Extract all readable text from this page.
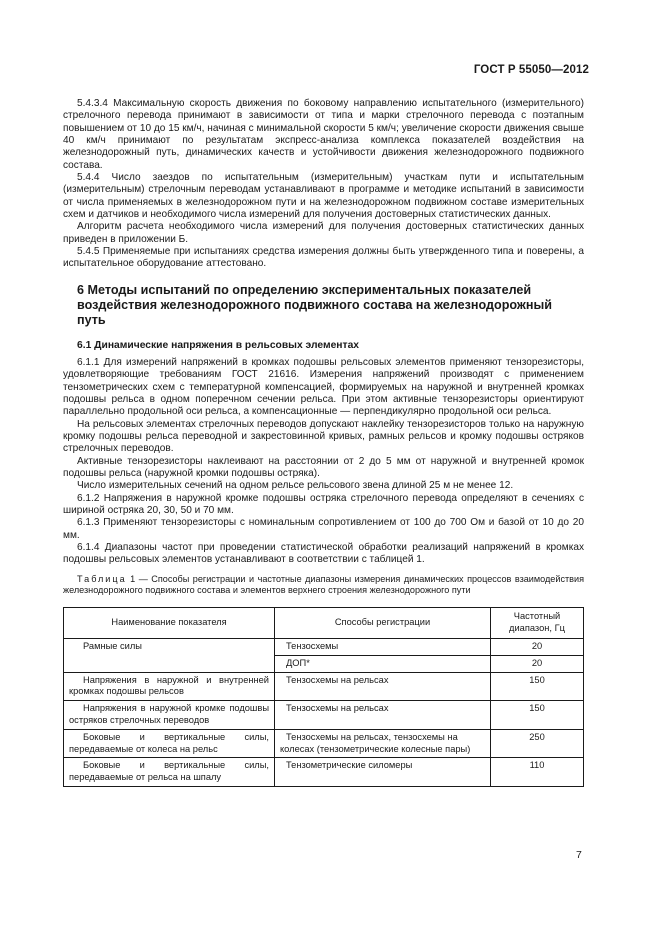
ГОСТ Р 55050—2012

5.4.3.4 Максимальную скорость движения по боковому направлению испытательного (измерительного) стрелочного перевода принимают в зависимости от типа и марки стрелочного перевода с поэтапным повышением от 10 до 15 км/ч, начиная с минимальной скорости 5 км/ч; увеличение скорости движения свыше 40 км/ч принимают по результатам экспресс-анализа комплекса показателей воздействия на железнодорожный путь, динамических качеств и устойчивости движения железнодорожного подвижного состава.

5.4.4 Число заездов по испытательным (измерительным) участкам пути и испытательным (измерительным) стрелочным переводам устанавливают в программе и методике испытаний в зависимости от числа применяемых в железнодорожном пути и на железнодорожном подвижном составе измерительных схем и датчиков и необходимого числа измерений для получения достоверных статистических данных.

Алгоритм расчета необходимого числа измерений для получения достоверных статистических данных приведен в приложении Б.

5.4.5 Применяемые при испытаниях средства измерения должны быть утвержденного типа и поверены, а испытательное оборудование аттестовано.

6 Методы испытаний по определению экспериментальных показателей воздействия железнодорожного подвижного состава на железнодорожный путь
6.1 Динамические напряжения в рельсовых элементах

6.1.1 Для измерений напряжений в кромках подошвы рельсовых элементов применяют тензорезисторы, удовлетворяющие требованиям ГОСТ 21616. Измерения напряжений производят с применением тензометрических схем с температурной компенсацией, формируемых на наружной и внутренней кромках подошвы рельса в одном поперечном сечении рельса. При этом активные тензорезисторы ориентируют параллельно продольной оси рельса, а компенсационные — перпендикулярно продольной оси рельса.

На рельсовых элементах стрелочных переводов допускают наклейку тензорезисторов только на наружную кромку подошвы рельса переводной и закрестовинной кривых, рамных рельсов и кромку подошвы остряков стрелочных переводов.

Активные тензорезисторы наклеивают на расстоянии от 2 до 5 мм от наружной и внутренней кромок подошвы рельса (наружной кромки подошвы остряка).

Число измерительных сечений на одном рельсе рельсового звена длиной 25 м не менее 12.

6.1.2 Напряжения в наружной кромке подошвы остряка стрелочного перевода определяют в сечениях с шириной остряка 20, 30, 50 и 70 мм.

6.1.3 Применяют тензорезисторы с номинальным сопротивлением от 100 до 700 Ом и базой от 10 до 20 мм.

6.1.4 Диапазоны частот при проведении статистической обработки реализаций напряжений в кромках подошвы рельсовых элементов устанавливают в соответствии с таблицей 1.

Таблица 1 — Способы регистрации и частотные диапазоны измерения динамических процессов взаимодействия железнодорожного подвижного состава и элементов верхнего строения железнодорожного пути
Наименование показателя	Способы регистрации	Частотный диапазон, Гц
Рамные силы	Тензосхемы	20
	ДОП*	20
Напряжения в наружной и внутренней кромках подошвы рельсов	Тензосхемы на рельсах	150
Напряжения в наружной кромке подошвы остряков стрелочных переводов	Тензосхемы на рельсах	150
Боковые и вертикальные силы, передаваемые от колеса на рельс	Тензосхемы на рельсах, тензосхемы на колесах (тензометрические колесные пары)	250
Боковые и вертикальные силы, передаваемые от рельса на шпалу	Тензометрические силомеры	110
7
